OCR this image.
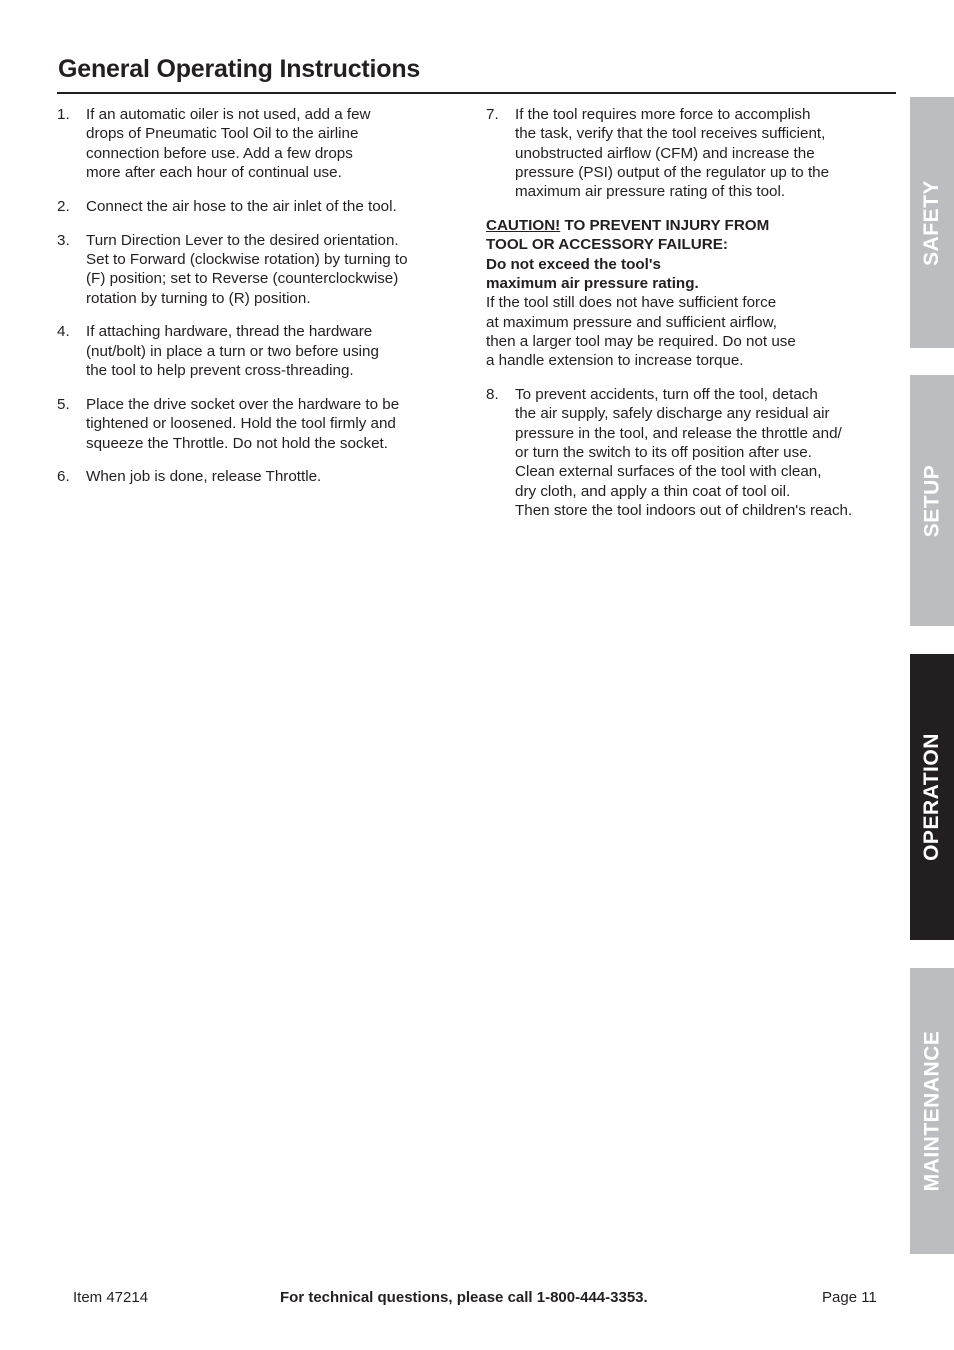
General Operating Instructions
1. If an automatic oiler is not used, add a few
drops of Pneumatic Tool Oil to the airline
connection before use. Add a few drops
more after each hour of continual use.
2. Connect the air hose to the air inlet of the tool.
3. Turn Direction Lever to the desired orientation.
Set to Forward (clockwise rotation) by turning to
(F) position; set to Reverse (counterclockwise)
rotation by turning to (R) position.
4. If attaching hardware, thread the hardware
(nut/bolt) in place a turn or two before using
the tool to help prevent cross-threading.
5. Place the drive socket over the hardware to be
tightened or loosened. Hold the tool firmly and
squeeze the Throttle. Do not hold the socket.
6. When job is done, release Throttle.
7. If the tool requires more force to accomplish
the task, verify that the tool receives sufficient,
unobstructed airflow (CFM) and increase the
pressure (PSI) output of the regulator up to the
maximum air pressure rating of this tool.
CAUTION! TO PREVENT INJURY FROM
TOOL OR ACCESSORY FAILURE:
Do not exceed the tool's
maximum air pressure rating.
If the tool still does not have sufficient force
at maximum pressure and sufficient airflow,
then a larger tool may be required. Do not use
a handle extension to increase torque.
8. To prevent accidents, turn off the tool, detach
the air supply, safely discharge any residual air
pressure in the tool, and release the throttle and/
or turn the switch to its off position after use.
Clean external surfaces of the tool with clean,
dry cloth, and apply a thin coat of tool oil.
Then store the tool indoors out of children's reach.
SAFETY
SETUP
OPERATION
MAINTENANCE
Item 47214	For technical questions, please call 1-800-444-3353.	Page 11
